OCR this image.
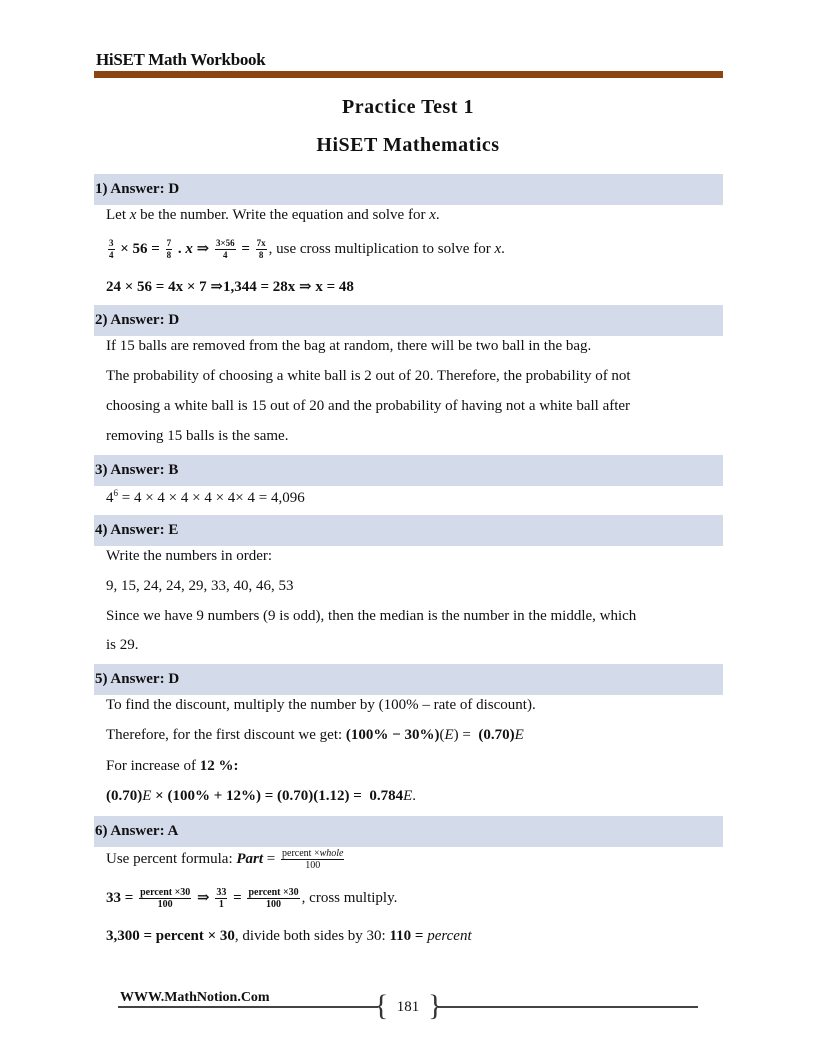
HiSET Math Workbook
Practice Test 1
HiSET Mathematics
1) Answer: D
Let x be the number. Write the equation and solve for x.
$\frac{3}{4} \times 56 = \frac{7}{8}$ . x ⇒ $\frac{3\times 56}{4} = \frac{7x}{8}$ , use cross multiplication to solve for x.
24 × 56 = 4x × 7 ⇒1,344 = 28x ⇒ x = 48
2) Answer: D
If 15 balls are removed from the bag at random, there will be two ball in the bag.
The probability of choosing a white ball is 2 out of 20. Therefore, the probability of not
choosing a white ball is 15 out of 20 and the probability of having not a white ball after
removing 15 balls is the same.
3) Answer: B
$4^6 = 4 \times 4 \times 4 \times 4 \times 4\times 4 = 4,096$
4) Answer: E
Write the numbers in order:
9, 15, 24, 24, 29, 33, 40, 46, 53
Since we have 9 numbers (9 is odd), then the median is the number in the middle, which
is 29.
5) Answer: D
To find the discount, multiply the number by (100% – rate of discount).
Therefore, for the first discount we get: (100% − 30%)(E) =  (0.70)E
For increase of 12 %:
(0.70)E × (100% + 12%) = (0.70)(1.12) =  0.784E.
6) Answer: A
Use percent formula: Part = percent ×whole
100
33 = percent ×30
100	⇒ $\frac{33}{1}$ = percent ×30
100	, cross multiply.
3,300 = percent × 30, divide both sides by 30: 110 = percent
WWW.MathNotion.Com
181
{ }
